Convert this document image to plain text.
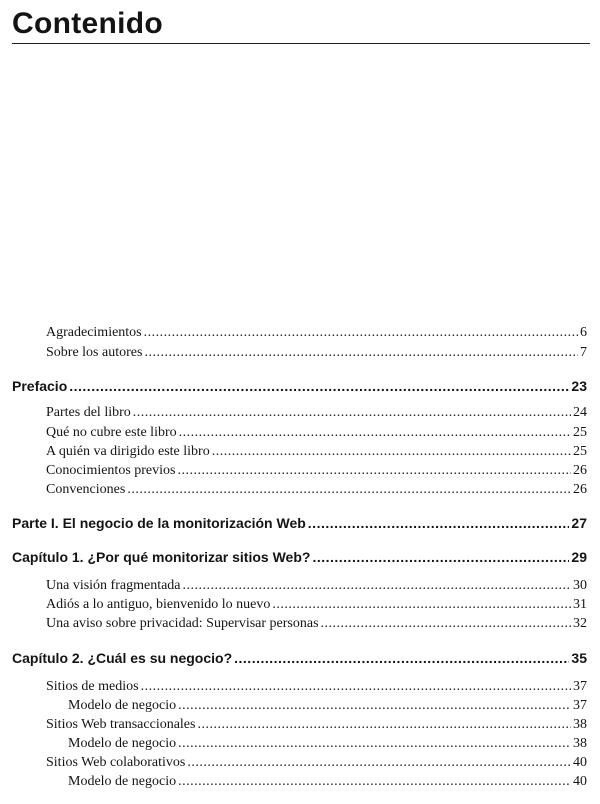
Contenido
Agradecimientos .....	6
Sobre los autores .....	7
Prefacio .....	23
Partes del libro .....	24
Qué no cubre este libro .....	25
A quién va dirigido este libro .....	25
Conocimientos previos .....	26
Convenciones .....	26
Parte I. El negocio de la monitorización Web .....	27
Capítulo 1. ¿Por qué monitorizar sitios Web? .....	29
Una visión fragmentada .....	30
Adiós a lo antiguo, bienvenido lo nuevo .....	31
Una aviso sobre privacidad: Supervisar personas .....	32
Capítulo 2. ¿Cuál es su negocio? .....	35
Sitios de medios .....	37
Modelo de negocio .....	37
Sitios Web transaccionales .....	38
Modelo de negocio .....	38
Sitios Web colaborativos .....	40
Modelo de negocio .....	40
